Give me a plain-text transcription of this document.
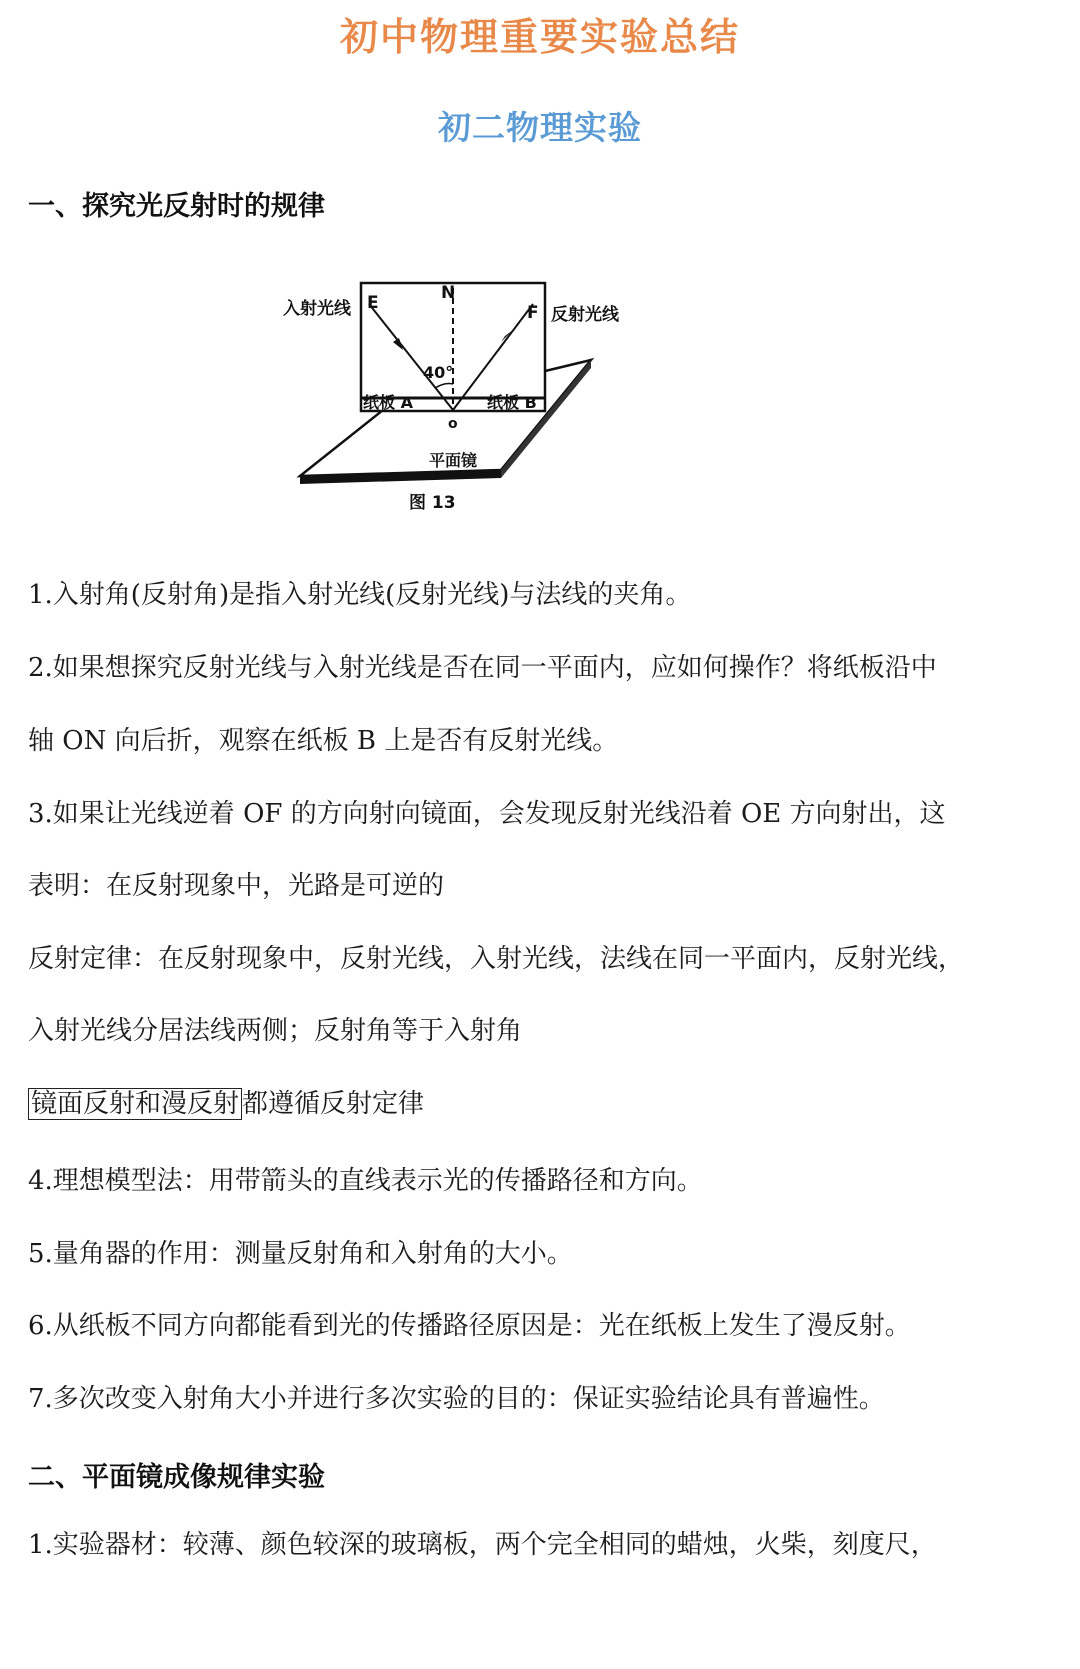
初中物理重要实验总结
初二物理实验
一、探究光反射时的规律
入射光线 E	N
F 反射光线
40°
纸板 A	纸板 B
o
平面镜
图 13

1.入射角(反射角)是指入射光线(反射光线)与法线的夹角。

2.如果想探究反射光线与入射光线是否在同一平面内，应如何操作？将纸板沿中

轴 ON 向后折，观察在纸板 B 上是否有反射光线。

3.如果让光线逆着 OF 的方向射向镜面，会发现反射光线沿着 OE 方向射出，这

表明：在反射现象中，光路是可逆的

反射定律：在反射现象中，反射光线，入射光线，法线在同一平面内，反射光线，

入射光线分居法线两侧；反射角等于入射角

镜面反射和漫反射 都遵循反射定律

4.理想模型法：用带箭头的直线表示光的传播路径和方向。

5.量角器的作用：测量反射角和入射角的大小。

6.从纸板不同方向都能看到光的传播路径原因是：光在纸板上发生了漫反射。

7.多次改变入射角大小并进行多次实验的目的：保证实验结论具有普遍性。

二、平面镜成像规律实验

1.实验器材：较薄、颜色较深的玻璃板，两个完全相同的蜡烛，火柴，刻度尺，
